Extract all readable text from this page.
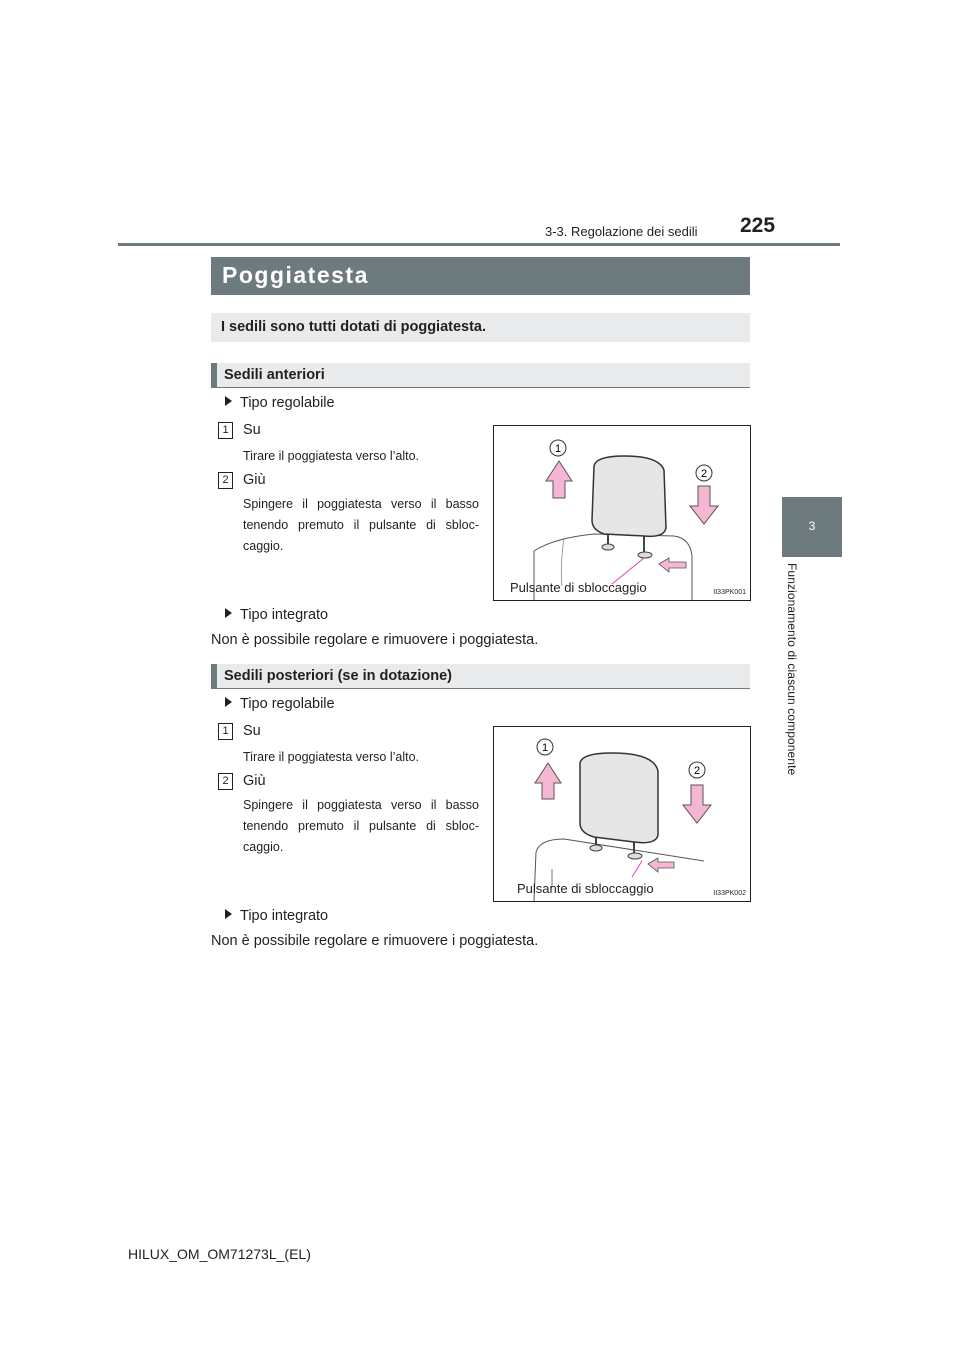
3-3. Regolazione dei sedili 225
3
Funzionamento di ciascun componente
Poggiatesta
I sedili sono tutti dotati di poggiatesta.
Sedili anteriori
Tipo regolabile
1 Su
Tirare il poggiatesta verso l’alto.
2 Giù
Spingere il poggiatesta verso il basso tenendo premuto il pulsante di sbloc-caggio.
1
2
Pulsante di sbloccaggio	II33PK001
Tipo integrato
Non è possibile regolare e rimuovere i poggiatesta.
Sedili posteriori (se in dotazione)
Tipo regolabile
1 Su
Tirare il poggiatesta verso l’alto.
2 Giù
Spingere il poggiatesta verso il basso tenendo premuto il pulsante di sbloc-caggio.
1
2
Pulsante di sbloccaggio	II33PK002
Tipo integrato
Non è possibile regolare e rimuovere i poggiatesta.
HILUX_OM_OM71273L_(EL)
